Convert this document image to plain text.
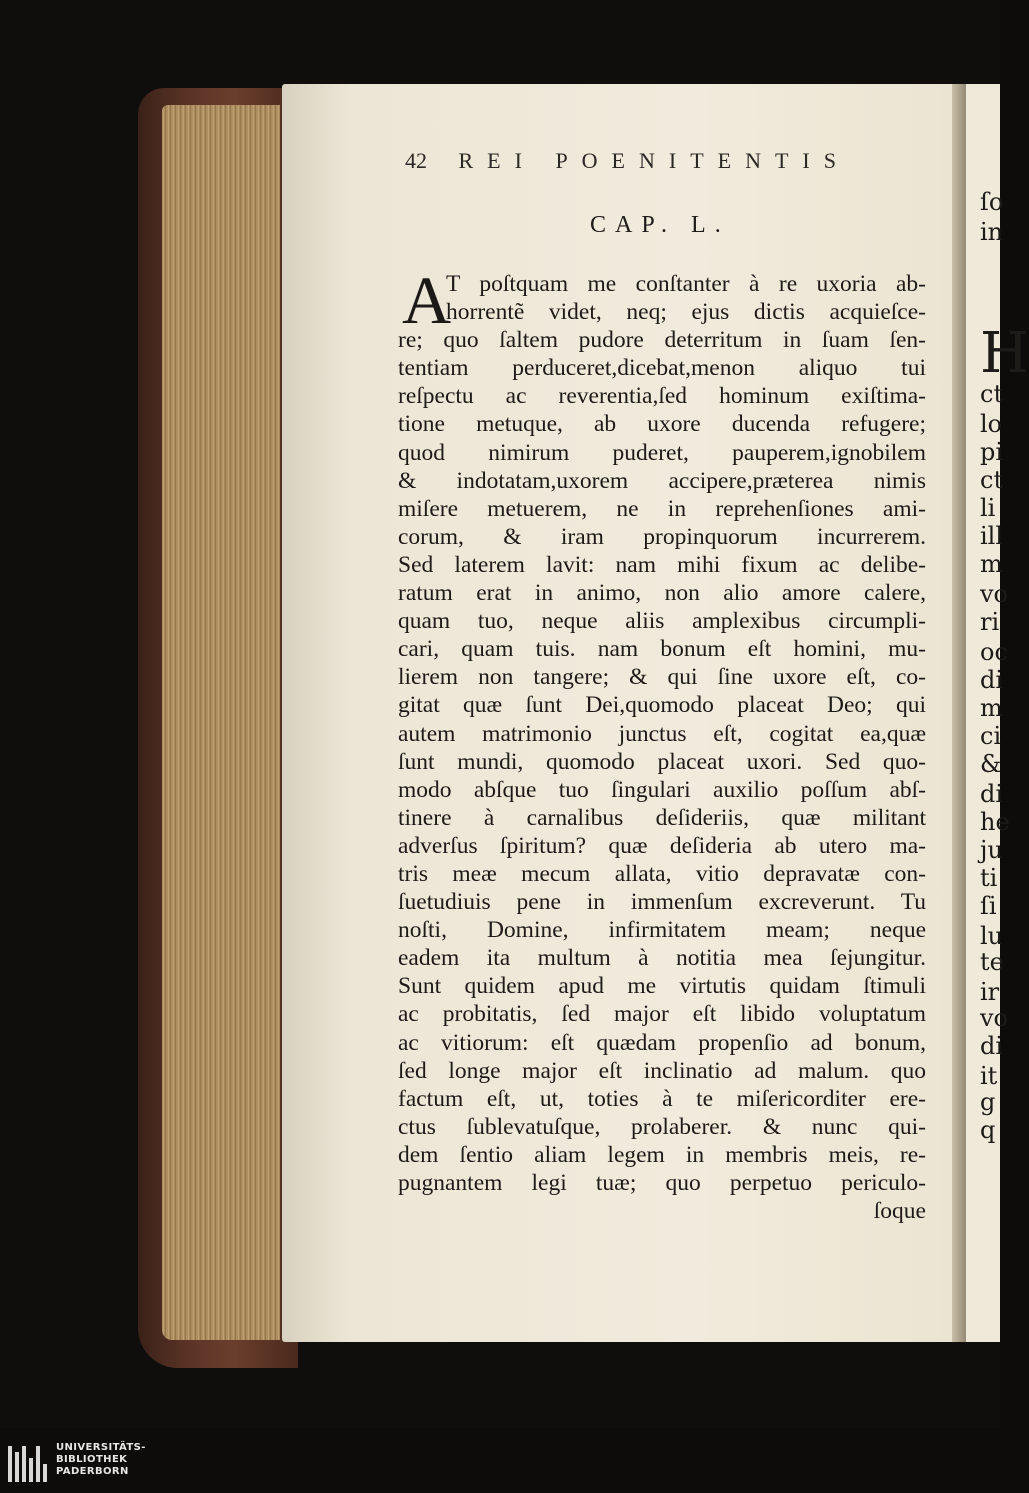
ſo
in
H
ct
lo
pi
ct
li
ill
m
vo
ri
oc
di
m
ci
&
di
he
ju
ti
ſi
lu
te
ir
vo
di
it
g
q
42 REI POENITENTIS
CAP. L.
A
T poſtquam me conſtanter à re uxoria ab-
horrentẽ videt, neq; ejus dictis acquieſce-
re; quo ſaltem pudore deterritum in ſuam ſen-
tentiam perduceret,dicebat,menon aliquo tui
reſpectu ac reverentia,ſed hominum exiſtima-
tione metuque, ab uxore ducenda refugere;
quod nimirum puderet, pauperem,ignobilem
& indotatam,uxorem accipere,præterea nimis
miſere metuerem, ne in reprehenſiones ami-
corum, & iram propinquorum incurrerem.
Sed laterem lavit: nam mihi fixum ac delibe-
ratum erat in animo, non alio amore calere,
quam tuo, neque aliis amplexibus circumpli-
cari, quam tuis. nam bonum eſt homini, mu-
lierem non tangere; & qui ſine uxore eſt, co-
gitat quæ ſunt Dei,quomodo placeat Deo; qui
autem matrimonio junctus eſt, cogitat ea,quæ
ſunt mundi, quomodo placeat uxori. Sed quo-
modo abſque tuo ſingulari auxilio poſſum abſ-
tinere à carnalibus deſideriis, quæ militant
adverſus ſpiritum? quæ deſideria ab utero ma-
tris meæ mecum allata, vitio depravatæ con-
ſuetudiuis pene in immenſum excreverunt. Tu
noſti, Domine, infirmitatem meam; neque
eadem ita multum à notitia mea ſejungitur.
Sunt quidem apud me virtutis quidam ſtimuli
ac probitatis, ſed major eſt libido voluptatum
ac vitiorum: eſt quædam propenſio ad bonum,
ſed longe major eſt inclinatio ad malum. quo
factum eſt, ut, toties à te miſericorditer ere-
ctus ſublevatuſque, prolaberer. & nunc qui-
dem ſentio aliam legem in membris meis, re-
pugnantem legi tuæ; quo perpetuo periculo-
ſoque
UNIVERSITÄTS-
BIBLIOTHEK
PADERBORN
